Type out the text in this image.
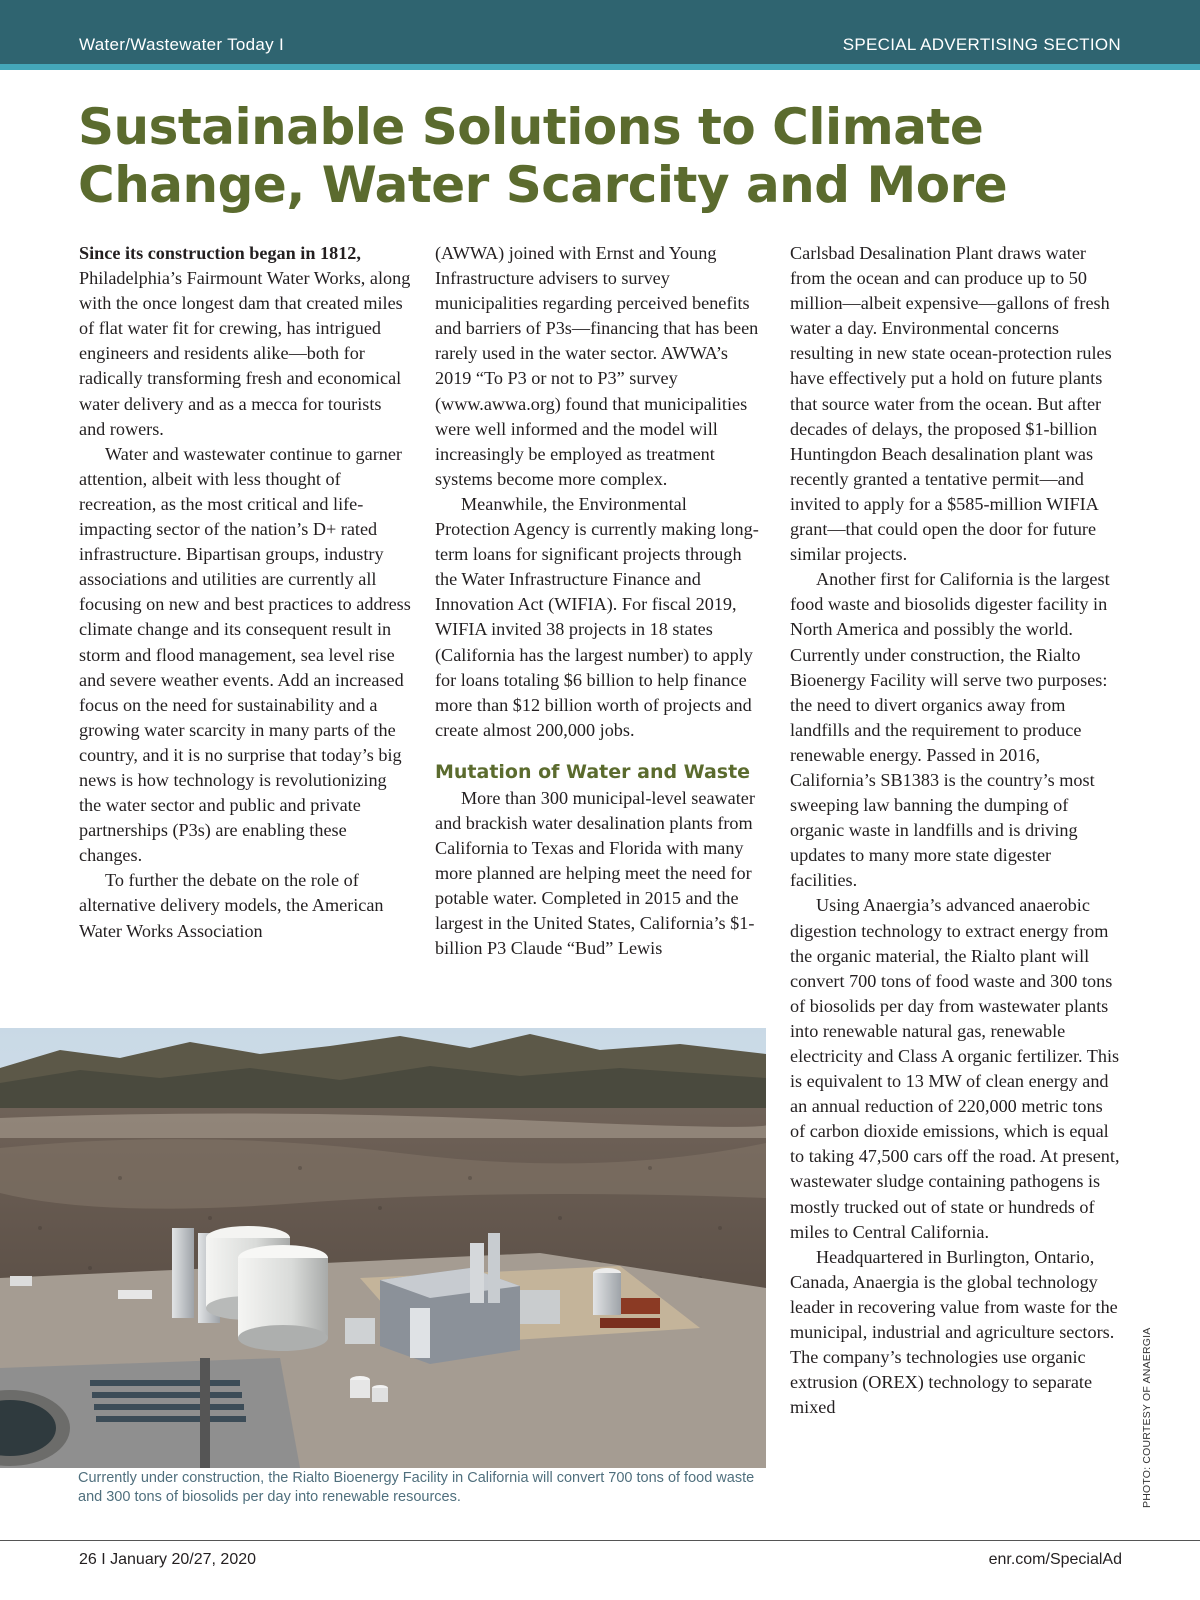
Water/Wastewater Today I	SPECIAL ADVERTISING SECTION
Sustainable Solutions to Climate
Change, Water Scarcity and More

Since its construction began in 1812, Philadelphia’s Fairmount Water Works, along with the once longest dam that created miles of flat water fit for crewing, has intrigued engineers and residents alike—both for radically transforming fresh and economical water delivery and as a mecca for tourists and rowers.

Water and wastewater continue to garner attention, albeit with less thought of recreation, as the most critical and life-impacting sector of the nation’s D+ rated infrastructure. Bipartisan groups, industry associations and utilities are currently all focusing on new and best practices to address climate change and its consequent result in storm and flood management, sea level rise and severe weather events. Add an increased focus on the need for sustainability and a growing water scarcity in many parts of the country, and it is no surprise that today’s big news is how technology is revolutionizing the water sector and public and private partnerships (P3s) are enabling these changes.

To further the debate on the role of alternative delivery models, the American Water Works Association

(AWWA) joined with Ernst and Young Infrastructure advisers to survey municipalities regarding perceived benefits and barriers of P3s—financing that has been rarely used in the water sector. AWWA’s 2019 “To P3 or not to P3” survey (www.awwa.org) found that municipalities were well informed and the model will increasingly be employed as treatment systems become more complex.

Meanwhile, the Environmental Protection Agency is currently making long-term loans for significant projects through the Water Infrastructure Finance and Innovation Act (WIFIA). For fiscal 2019, WIFIA invited 38 projects in 18 states (California has the largest number) to apply for loans totaling $6 billion to help finance more than $12 billion worth of projects and create almost 200,000 jobs.

Mutation of Water and Waste

More than 300 municipal-level seawater and brackish water desalination plants from California to Texas and Florida with many more planned are helping meet the need for potable water. Completed in 2015 and the largest in the United States, California’s $1-billion P3 Claude “Bud” Lewis

Carlsbad Desalination Plant draws water from the ocean and can produce up to 50 million—albeit expensive—gallons of fresh water a day. Environmental concerns resulting in new state ocean-protection rules have effectively put a hold on future plants that source water from the ocean. But after decades of delays, the proposed $1-billion Huntingdon Beach desalination plant was recently granted a tentative permit—and invited to apply for a $585-million WIFIA grant—that could open the door for future similar projects.

Another first for California is the largest food waste and biosolids digester facility in North America and possibly the world. Currently under construction, the Rialto Bioenergy Facility will serve two purposes: the need to divert organics away from landfills and the requirement to produce renewable energy. Passed in 2016, California’s SB1383 is the country’s most sweeping law banning the dumping of organic waste in landfills and is driving updates to many more state digester facilities.

Using Anaergia’s advanced anaerobic digestion technology to extract energy from the organic material, the Rialto plant will convert 700 tons of food waste and 300 tons of biosolids per day from wastewater plants into renewable natural gas, renewable electricity and Class A organic fertilizer. This is equivalent to 13 MW of clean energy and an annual reduction of 220,000 metric tons of carbon dioxide emissions, which is equal to taking 47,500 cars off the road. At present, wastewater sludge containing pathogens is mostly trucked out of state or hundreds of miles to Central California.

Headquartered in Burlington, Ontario, Canada, Anaergia is the global technology leader in recovering value from waste for the municipal, industrial and agriculture sectors. The company’s technologies use organic extrusion (OREX) technology to separate mixed

Currently under construction, the Rialto Bioenergy Facility in California will convert 700 tons of food waste and 300 tons of biosolids per day into renewable resources.	PHOTO: COURTESY OF ANAERGIA
26 I January 20/27, 2020	enr.com/SpecialAd
